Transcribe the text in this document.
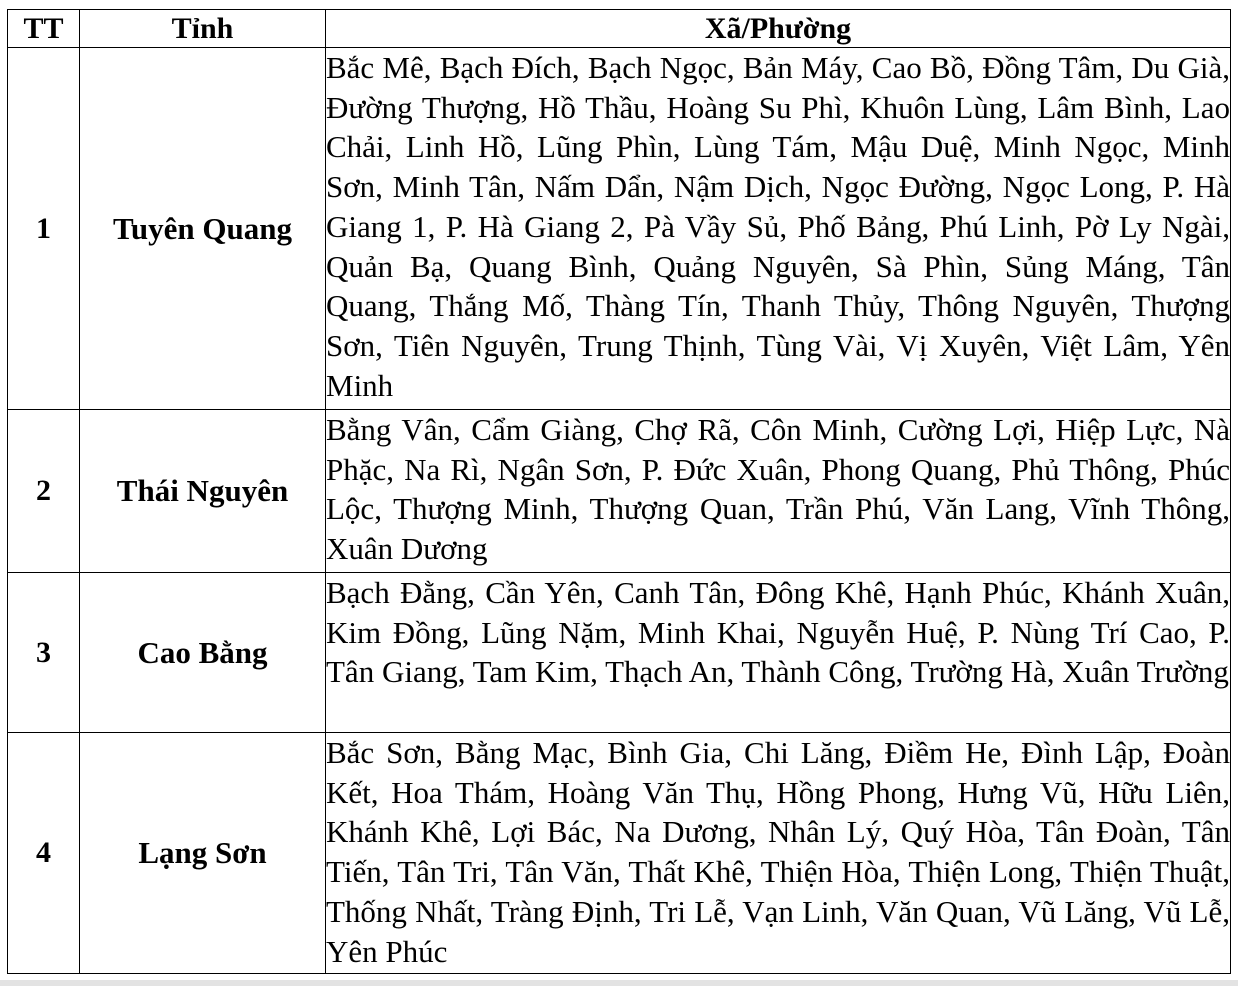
TT	Tỉnh	Xã/Phường
1	Tuyên Quang	Bắc Mê, Bạch Đích, Bạch Ngọc, Bản Máy, Cao Bồ, Đồng Tâm, Du Già, Đường Thượng, Hồ Thầu, Hoàng Su Phì, Khuôn Lùng, Lâm Bình, Lao Chải, Linh Hồ, Lũng Phìn, Lùng Tám, Mậu Duệ, Minh Ngọc, Minh Sơn, Minh Tân, Nấm Dẩn, Nậm Dịch, Ngọc Đường, Ngọc Long, P. Hà Giang 1, P. Hà Giang 2, Pà Vầy Sủ, Phố Bảng, Phú Linh, Pờ Ly Ngài, Quản Bạ, Quang Bình, Quảng Nguyên, Sà Phìn, Sủng Máng, Tân Quang, Thắng Mố, Thàng Tín, Thanh Thủy, Thông Nguyên, Thượng Sơn, Tiên Nguyên, Trung Thịnh, Tùng Vài, Vị Xuyên, Việt Lâm, Yên Minh
2	Thái Nguyên	Bằng Vân, Cẩm Giàng, Chợ Rã, Côn Minh, Cường Lợi, Hiệp Lực, Nà Phặc, Na Rì, Ngân Sơn, P. Đức Xuân, Phong Quang, Phủ Thông, Phúc Lộc, Thượng Minh, Thượng Quan, Trần Phú, Văn Lang, Vĩnh Thông, Xuân Dương
3	Cao Bằng	Bạch Đằng, Cần Yên, Canh Tân, Đông Khê, Hạnh Phúc, Khánh Xuân, Kim Đồng, Lũng Nặm, Minh Khai, Nguyễn Huệ, P. Nùng Trí Cao, P. Tân Giang, Tam Kim, Thạch An, Thành Công, Trường Hà, Xuân Trường
4	Lạng Sơn	Bắc Sơn, Bằng Mạc, Bình Gia, Chi Lăng, Điềm He, Đình Lập, Đoàn Kết, Hoa Thám, Hoàng Văn Thụ, Hồng Phong, Hưng Vũ, Hữu Liên, Khánh Khê, Lợi Bác, Na Dương, Nhân Lý, Quý Hòa, Tân Đoàn, Tân Tiến, Tân Tri, Tân Văn, Thất Khê, Thiện Hòa, Thiện Long, Thiện Thuật, Thống Nhất, Tràng Định, Tri Lễ, Vạn Linh, Văn Quan, Vũ Lăng, Vũ Lễ, Yên Phúc
